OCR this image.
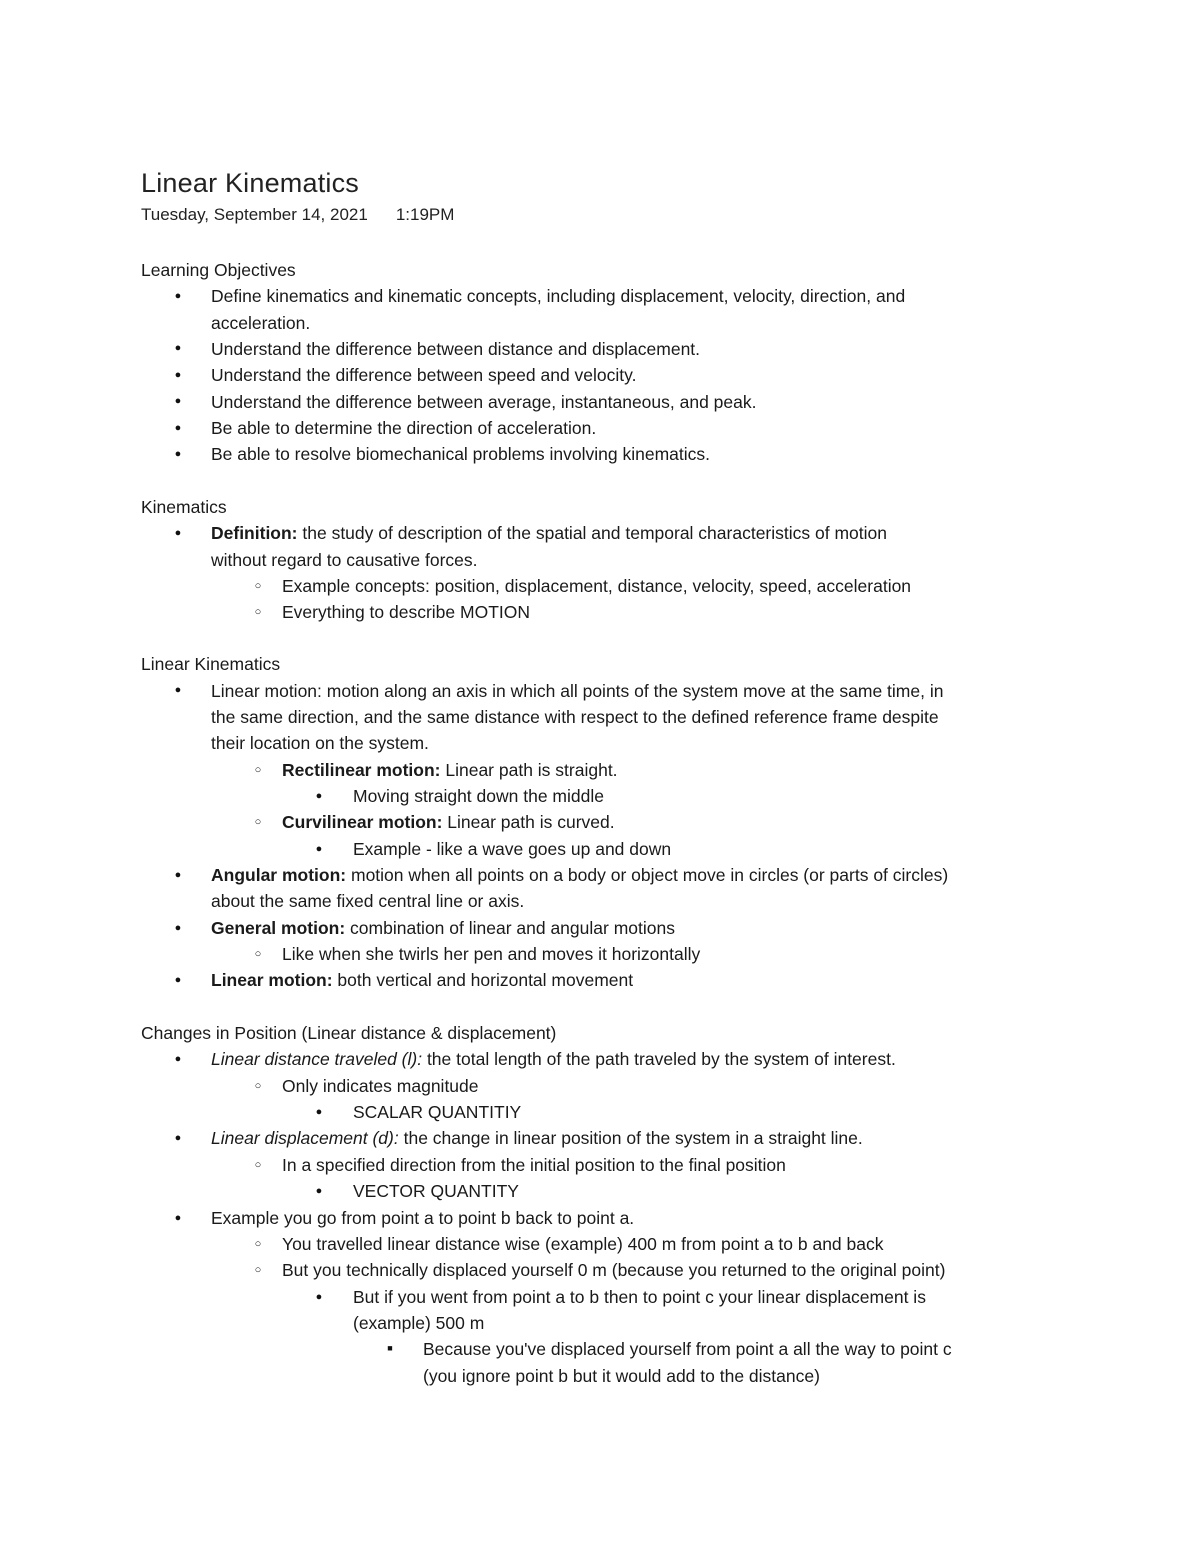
Linear Kinematics
Tuesday, September 14, 2021 1:19PM
Learning Objectives
● Define kinematics and kinematic concepts, including displacement, velocity, direction, and
acceleration.
● Understand the difference between distance and displacement.
● Understand the difference between speed and velocity.
● Understand the difference between average, instantaneous, and peak.
● Be able to determine the direction of acceleration.
● Be able to resolve biomechanical problems involving kinematics.
Kinematics
● Definition: the study of description of the spatial and temporal characteristics of motion
without regard to causative forces.
○ Example concepts: position, displacement, distance, velocity, speed, acceleration
○ Everything to describe MOTION
Linear Kinematics
● Linear motion: motion along an axis in which all points of the system move at the same time, in
the same direction, and the same distance with respect to the defined reference frame despite
their location on the system.
○ Rectilinear motion: Linear path is straight.
● Moving straight down the middle
○ Curvilinear motion: Linear path is curved.
● Example - like a wave goes up and down
● Angular motion: motion when all points on a body or object move in circles (or parts of circles)
about the same fixed central line or axis.
● General motion: combination of linear and angular motions
○ Like when she twirls her pen and moves it horizontally
● Linear motion: both vertical and horizontal movement
Changes in Position (Linear distance & displacement)
● Linear distance traveled (l): the total length of the path traveled by the system of interest.
○ Only indicates magnitude
● SCALAR QUANTITIY
● Linear displacement (d): the change in linear position of the system in a straight line.
○ In a specified direction from the initial position to the final position
● VECTOR QUANTITY
● Example you go from point a to point b back to point a.
○ You travelled linear distance wise (example) 400 m from point a to b and back
○ But you technically displaced yourself 0 m (because you returned to the original point)
● But if you went from point a to b then to point c your linear displacement is
(example) 500 m
■ Because you've displaced yourself from point a all the way to point c
(you ignore point b but it would add to the distance)
